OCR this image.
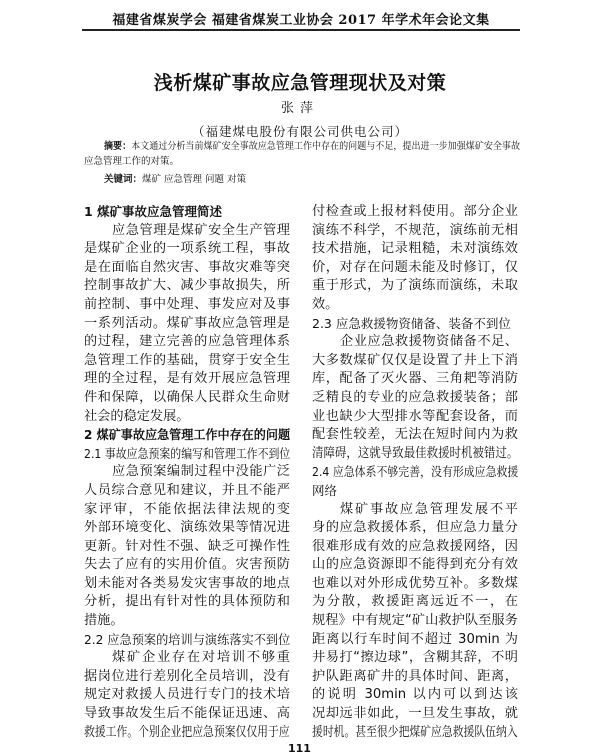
福建省煤炭学会 福建省煤炭工业协会 2017 年学术年会论文集
浅析煤矿事故应急管理现状及对策
张萍
（福建煤电股份有限公司供电公司）
摘要：本文通过分析当前煤矿安全事故应急管理工作中存在的问题与不足，提出进一步加强煤矿安全事故
应急管理工作的对策。
关键词：煤矿 应急管理 问题 对策
1 煤矿事故应急管理简述
应急管理是煤矿安全生产管理
是煤矿企业的一项系统工程，事故
是在面临自然灾害、事故灾难等突
控制事故扩大、减少事故损失，所
前控制、事中处理、事发应对及事
一系列活动。煤矿事故应急管理是
的过程，建立完善的应急管理体系
急管理工作的基础，贯穿于安全生
理的全过程，是有效开展应急管理
件和保障，以确保人民群众生命财
社会的稳定发展。
2 煤矿事故应急管理工作中存在的问题
2.1 事故应急预案的编写和管理工作不到位
应急预案编制过程中没能广泛
人员综合意见和建议，并且不能严
家评审，不能依据法律法规的变
外部环境变化、演练效果等情况进
更新。针对性不强、缺乏可操作性
失去了应有的实用价值。灾害预防
划未能对各类易发灾害事故的地点
分析，提出有针对性的具体预防和
措施。
2.2 应急预案的培训与演练落实不到位
煤矿企业存在对培训不够重
据岗位进行差别化全员培训，没有
规定对救援人员进行专门的技术培
导致事故发生后不能保证迅速、高
救援工作。个别企业把应急预案仅仅用于应
付检查或上报材料使用。部分企业
演练不科学，不规范，演练前无相
技术措施，记录粗糙，未对演练效
价，对存在问题未能及时修订，仅
重于形式，为了演练而演练，未取
效。
2.3 应急救援物资储备、装备不到位
企业应急救援物资储备不足、
大多数煤矿仅仅是设置了井上下消
库，配备了灭火器、三角耙等消防
乏精良的专业的应急救援装备；部
业也缺少大型排水等配套设备，而
配套性较差，无法在短时间内为救
清障碍，这就导致最佳救援时机被错过。
2.4 应急体系不够完善，没有形成应急救援
网络
煤矿事故应急管理发展不平
身的应急救援体系，但应急力量分
很难形成有效的应急救援网络，因
山的应急资源即不能得到充分有效
也难以对外形成优势互补。多数煤
为分散，救援距离远近不一，在
规程》中有规定“矿山救护队至服务
距离以行车时间不超过 30min 为
井易打“擦边球”，含糊其辞，不明
护队距离矿井的具体时间、距离，
的说明 30min 以内可以到达该
况却远非如此，一旦发生事故，就
援时机。甚至很少把煤矿应急救援队伍纳入
111
